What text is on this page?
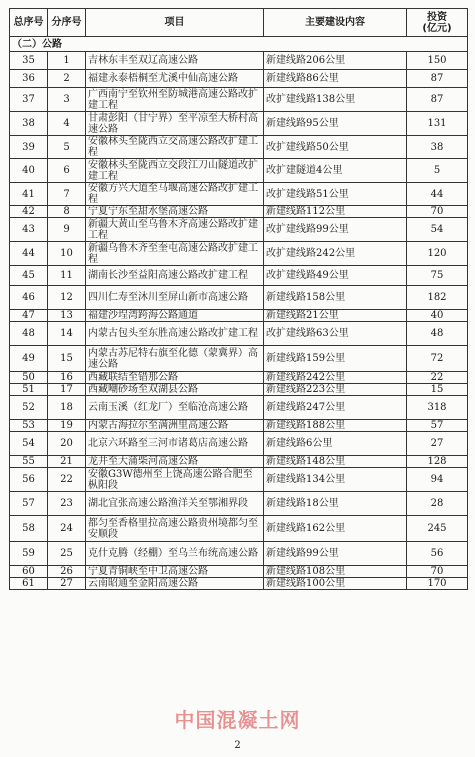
总序号	分序号	项目	主要建设内容	投资
(亿元)
（二）公路				
35	1	吉林东丰至双辽高速公路	新建线路206公里	150
36	2	福建永泰梧桐至尤溪中仙高速公路	新建线路86公里	87
37	3	广西南宁至钦州至防城港高速公路改扩建工程	改扩建线路138公里	87
38	4	甘肃彭阳（甘宁界）至平凉至大桥村高速公路	新建线路95公里	131
39	5	安徽林头至陇西立交高速公路改扩建工程	改扩建线路50公里	38
40	6	安徽林头至陇西立交段江刀山隧道改扩建工程	改扩建隧道4公里	5
41	7	安徽方兴大道至马堰高速公路改扩建工程	改扩建线路51公里	44
42	8	宁夏宁东至甜水堡高速公路	新建线路112公里	70
43	9	新疆大黄山至乌鲁木齐高速公路改扩建工程	改扩建线路99公里	54
44	10	新疆乌鲁木齐至奎屯高速公路改扩建工程	改扩建线路242公里	120
45	11	湖南长沙至益阳高速公路改扩建工程	改扩建线路49公里	75
46	12	四川仁寿至沐川至屏山新市高速公路	新建线路158公里	182
47	13	福建沙埕湾跨海公路通道	新建线路21公里	40
48	14	内蒙古包头至东胜高速公路改扩建工程	改扩建线路63公里	48
49	15	内蒙古苏尼特右旗至化德（蒙冀界）高速公路	新建线路159公里	72
50	16	西藏联结至错那公路	新建线路242公里	22
51	17	西藏嘲砂场至双湖县公路	新建线路223公里	15
52	18	云南玉溪（红龙厂）至临沧高速公路	新建线路247公里	318
53	19	内蒙古海拉尔至满洲里高速公路	新建线路188公里	57
54	20	北京六环路至三河市诸葛店高速公路	新建线路6公里	27
55	21	龙井至大蒲柴河高速公路	新建线路148公里	128
56	22	安徽G3W德州至上饶高速公路合肥至枞阳段	新建线路134公里	94
57	23	湖北宜张高速公路渔洋关至鄂湘界段	新建线路18公里	28
58	24	都匀至香格里拉高速公路贵州境都匀至安顺段	新建线路162公里	245
59	25	克什克腾（经棚）至乌兰布统高速公路	新建线路99公里	56
60	26	宁夏青铜峡至中卫高速公路	新建线路108公里	70
61	27	云南昭通至金阳高速公路	新建线路100公里	170
中国混凝土网
2
